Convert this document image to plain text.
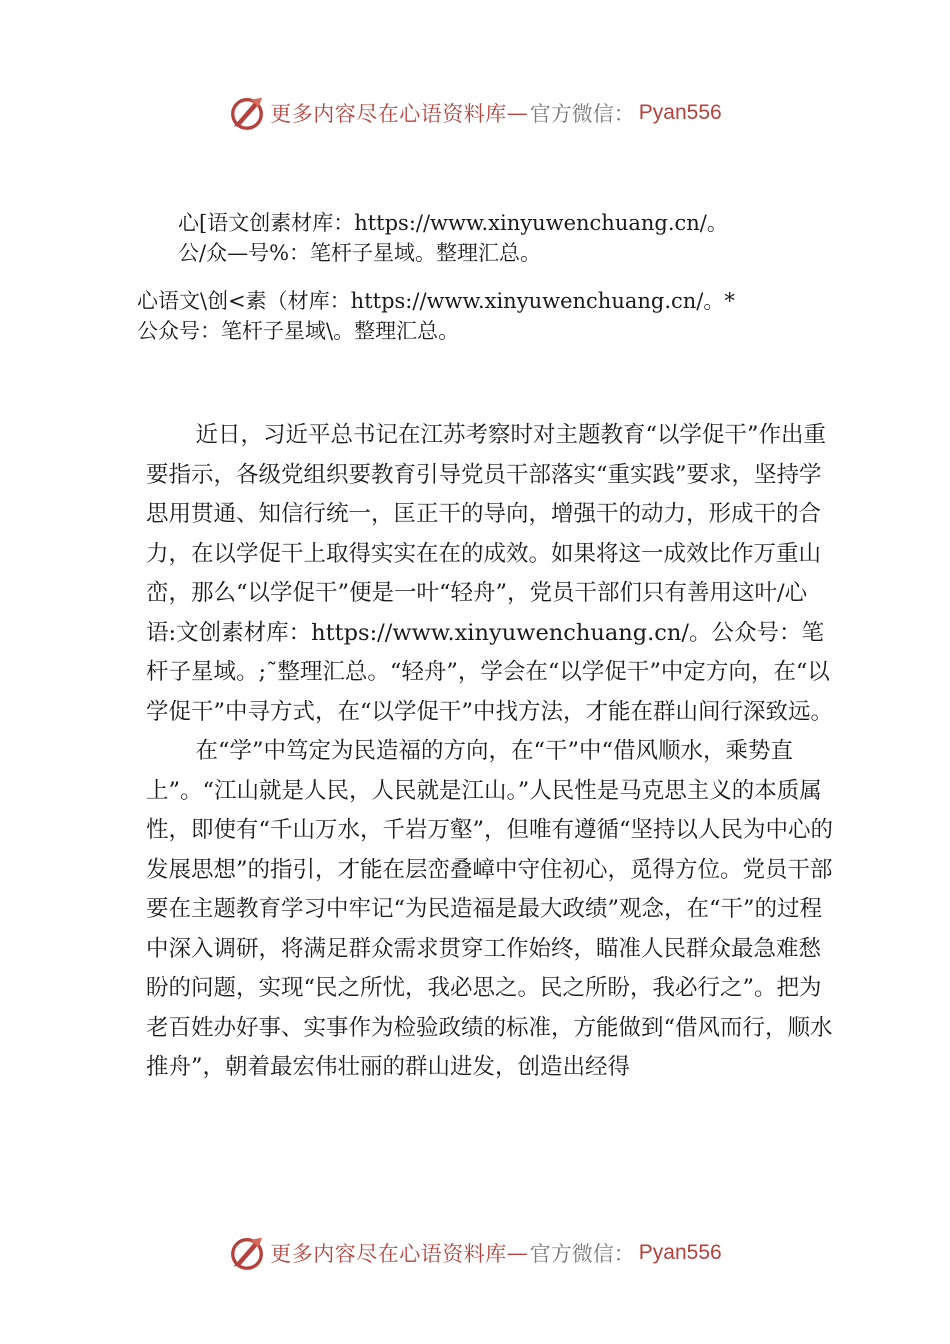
更多内容尽在心语资料库 — 官方微信： Pyan556
心[语文创素材库：https://www.xinyuwenchuang.cn/。
公/众—号%：笔杆子星域。整理汇总。
心语文\创<素（材库：https://www.xinyuwenchuang.cn/。*
公众号：笔杆子星域\。整理汇总。

近日，习近平总书记在江苏考察时对主题教育“以学促干”作出重要指示，各级党组织要教育引导党员干部落实“重实践”要求，坚持学思用贯通、知信行统一，匡正干的导向，增强干的动力，形成干的合力，在以学促干上取得实实在在的成效。如果将这一成效比作万重山峦，那么“以学促干”便是一叶“轻舟”，党员干部们只有善用这叶/心语:文创素材库：https://www.xinyuwenchuang.cn/。公众号：笔杆子星域。;˜整理汇总。“轻舟”，学会在“以学促干”中定方向，在“以学促干”中寻方式，在“以学促干”中找方法，才能在群山间行深致远。

在“学”中笃定为民造福的方向，在“干”中“借风顺水，乘势直上”。“江山就是人民，人民就是江山。”人民性是马克思主义的本质属性，即使有“千山万水，千岩万壑”，但唯有遵循“坚持以人民为中心的发展思想”的指引，才能在层峦叠嶂中守住初心，觅得方位。党员干部要在主题教育学习中牢记“为民造福是最大政绩”观念，在“干”的过程中深入调研，将满足群众需求贯穿工作始终，瞄准人民群众最急难愁盼的问题，实现“民之所忧，我必思之。民之所盼，我必行之”。把为老百姓办好事、实事作为检验政绩的标准，方能做到“借风而行，顺水推舟”，朝着最宏伟壮丽的群山进发，创造出经得

更多内容尽在心语资料库 — 官方微信： Pyan556
